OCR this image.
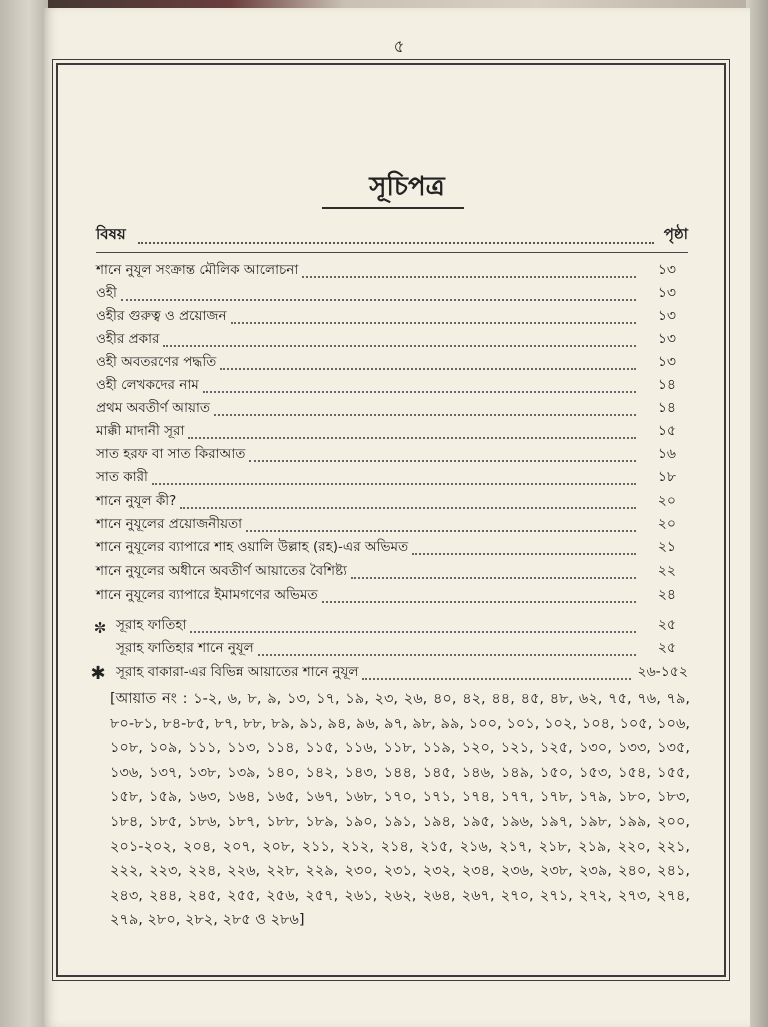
৫
সূচিপত্র
বিষয়	পৃষ্ঠা
শানে নুযূল সংক্রান্ত মৌলিক আলোচনা	১৩
ওহী	১৩
ওহীর গুরুত্ব ও প্রয়োজন	১৩
ওহীর প্রকার	১৩
ওহী অবতরণের পদ্ধতি	১৩
ওহী লেখকদের নাম	১৪
প্রথম অবতীর্ণ আয়াত	১৪
মাক্কী মাদানী সূরা	১৫
সাত হরফ বা সাত কিরাআত	১৬
সাত কারী	১৮
শানে নুযূল কী?	২০
শানে নুযূলের প্রয়োজনীয়তা	২০
শানে নুযূলের ব্যাপারে শাহ ওয়ালি উল্লাহ (রহ)-এর অভিমত	২১
শানে নুযূলের অধীনে অবতীর্ণ আয়াতের বৈশিষ্ট্য	২২
শানে নুযূলের ব্যাপারে ইমামগণের অভিমত	২৪
✼ সূরাহ ফাতিহা	২৫
সূরাহ ফাতিহার শানে নুযূল	২৫
✱ সূরাহ বাকারা-এর বিভিন্ন আয়াতের শানে নুযূল	২৬-১৫২
[আয়াত নং : ১-২, ৬, ৮, ৯, ১৩, ১৭, ১৯, ২৩, ২৬, ৪০, ৪২, ৪৪, ৪৫, ৪৮, ৬২, ৭৫, ৭৬, ৭৯, ৮০-৮১, ৮৪-৮৫, ৮৭, ৮৮, ৮৯, ৯১, ৯৪, ৯৬, ৯৭, ৯৮, ৯৯, ১০০, ১০১, ১০২, ১০৪, ১০৫, ১০৬, ১০৮, ১০৯, ১১১, ১১৩, ১১৪, ১১৫, ১১৬, ১১৮, ১১৯, ১২০, ১২১, ১২৫, ১৩০, ১৩৩, ১৩৫, ১৩৬, ১৩৭, ১৩৮, ১৩৯, ১৪০, ১৪২, ১৪৩, ১৪৪, ১৪৫, ১৪৬, ১৪৯, ১৫০, ১৫৩, ১৫৪, ১৫৫, ১৫৮, ১৫৯, ১৬৩, ১৬৪, ১৬৫, ১৬৭, ১৬৮, ১৭০, ১৭১, ১৭৪, ১৭৭, ১৭৮, ১৭৯, ১৮০, ১৮৩, ১৮৪, ১৮৫, ১৮৬, ১৮৭, ১৮৮, ১৮৯, ১৯০, ১৯১, ১৯৪, ১৯৫, ১৯৬, ১৯৭, ১৯৮, ১৯৯, ২০০, ২০১-২০২, ২০৪, ২০৭, ২০৮, ২১১, ২১২, ২১৪, ২১৫, ২১৬, ২১৭, ২১৮, ২১৯, ২২০, ২২১, ২২২, ২২৩, ২২৪, ২২৬, ২২৮, ২২৯, ২৩০, ২৩১, ২৩২, ২৩৪, ২৩৬, ২৩৮, ২৩৯, ২৪০, ২৪১, ২৪৩, ২৪৪, ২৪৫, ২৫৫, ২৫৬, ২৫৭, ২৬১, ২৬২, ২৬৪, ২৬৭, ২৭০, ২৭১, ২৭২, ২৭৩, ২৭৪, ২৭৯, ২৮০, ২৮২, ২৮৫ ও ২৮৬]
